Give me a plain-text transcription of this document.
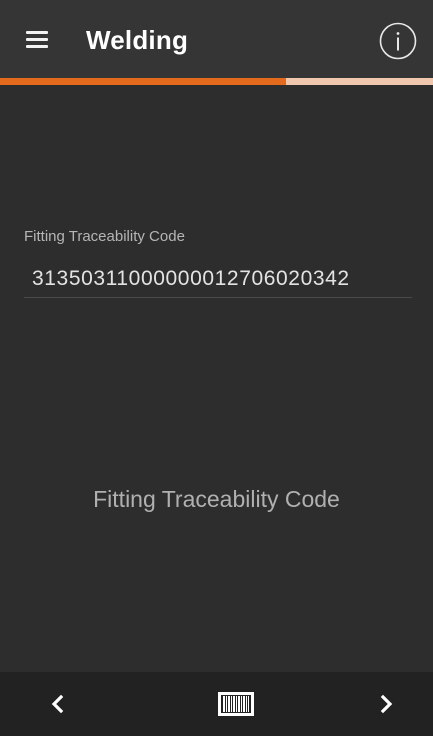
Welding
Fitting Traceability Code
31350311000000012706020342
Fitting Traceability Code
